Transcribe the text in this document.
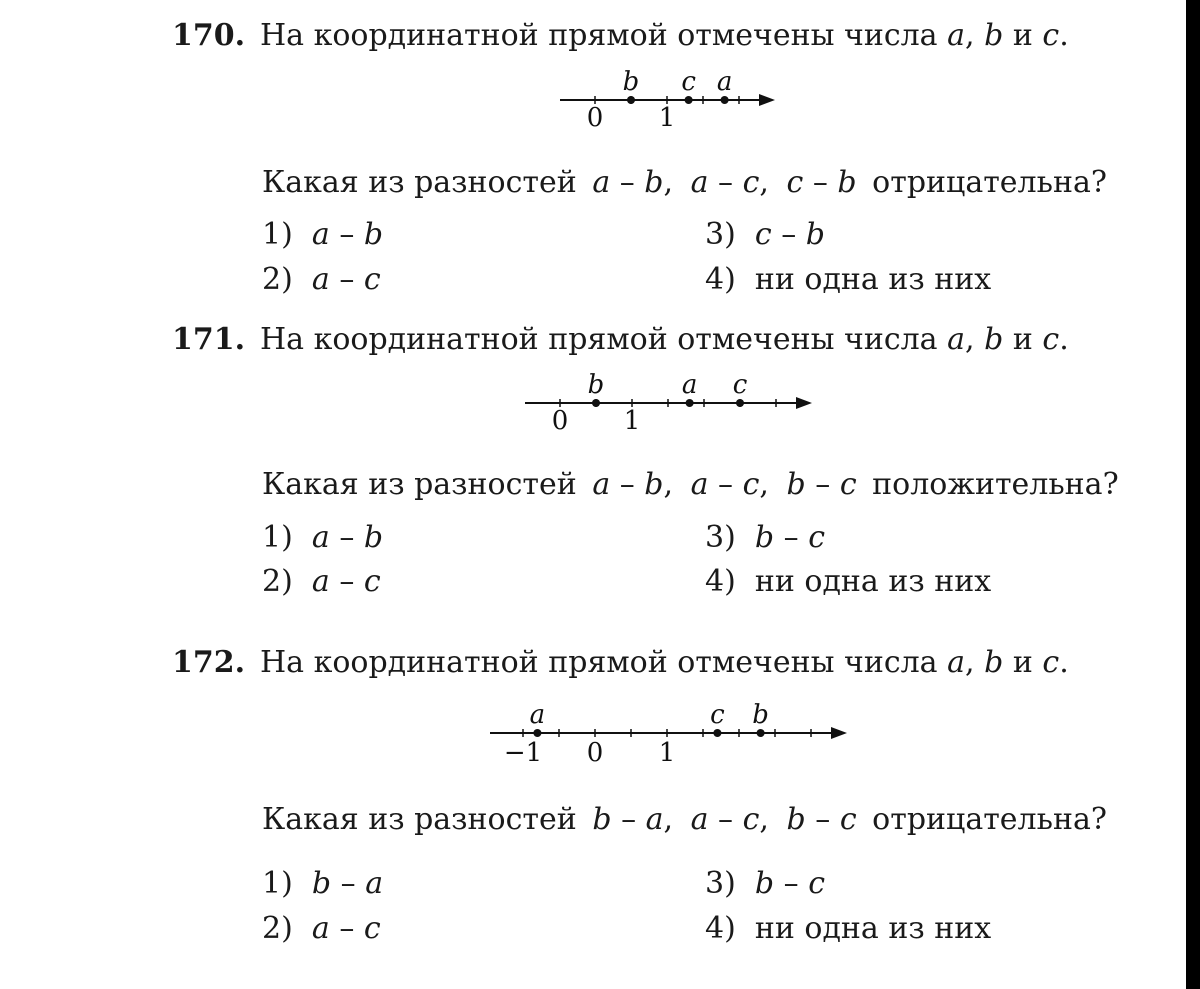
170. На координатной прямой отмечены числа a, b и c.
0 1
b c a
Какая из разностей a – b, a – c, c – b отрицательна?
1) a – b
2) a – c
3) c – b
4) ни одна из них
171. На координатной прямой отмечены числа a, b и c.
0 1
b	a c
Какая из разностей a – b, a – c, b – c положительна?
1) a – b
2) a – c
3) b – c
4) ни одна из них
172. На координатной прямой отмечены числа a, b и c.
−1 0 1
a	c b
Какая из разностей b – a, a – c, b – c отрицательна?
1) b – a
2) a – c
3) b – c
4) ни одна из них
